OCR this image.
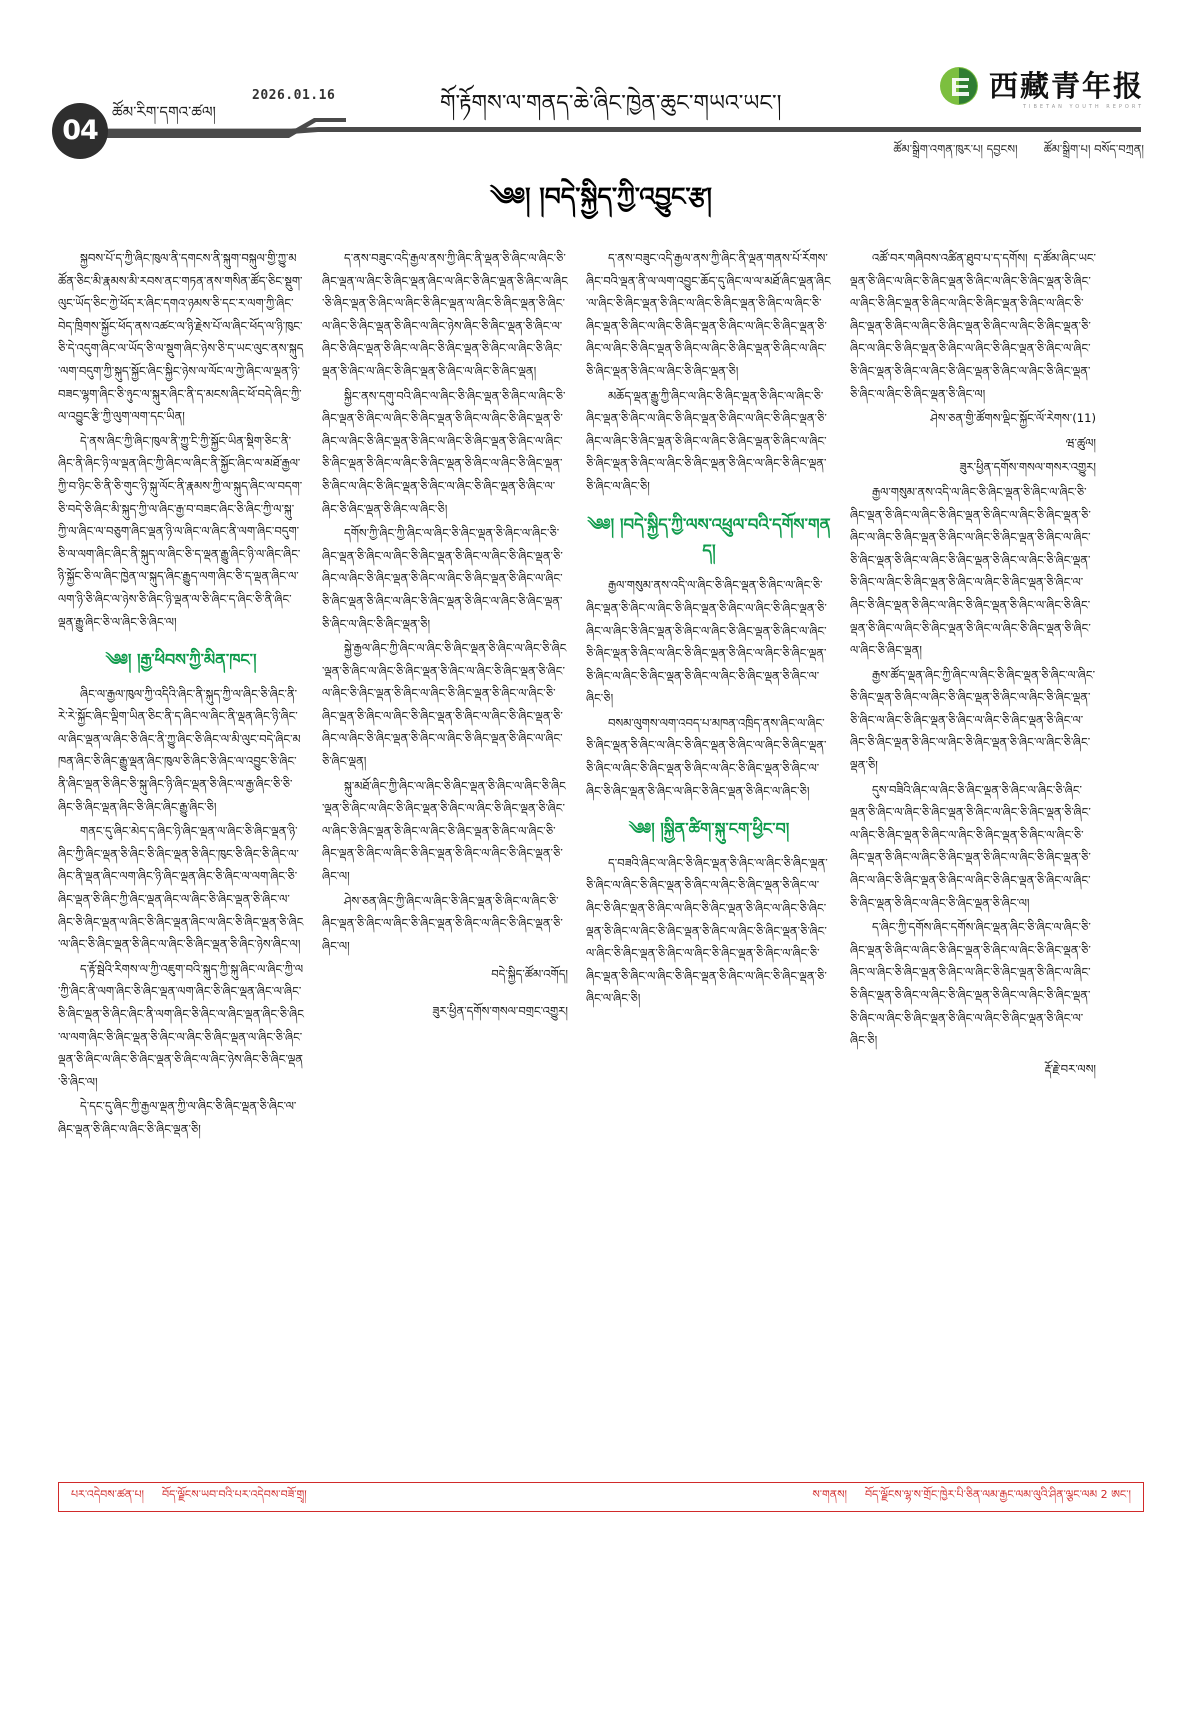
04
ཚོམ་རིག་དགའ་ཚལ།
2026.01.16	གོ་རྟོགས་ལ་གནད་ཆེ་ཞིང་ཁྱེན་ཆུང་གཡའ་ཡང་།
西藏青年报
TIBETAN YOUTH REPORT
ཚོམ་སྒྲིག་འགན་ཁུར་པ། དབྱངས། ཚོམ་སྒྲིག་པ། བསོད་བཀྲན།
༄༅། །བདེ་སྐྱིད་ཀྱི་འབྱུང་རྩ།

སྐྱབས་པོ་ད་ཀྱི་ཞིང་ཁུལ་ནི་དགངས་ནི་སྐུག་བསྐུལ་གྱི་ཀྱུ་མཚོན་ཅིང་མི་རྣམས་མི་རབས་ནང་གཏན་ནས་གསིན་ཚོད་ཅིང་སྡུག་ལུང་ཡོད་ཅིང་ཀྱེ་ཕོད་ར་ཞིང་དགའ་ཉམས་ཅི་དང་ར་ལག་ཀྱི་ཞིང་བེད་ཁྲིགས་སྐྱོང་ཕོད་ནས་འཚང་ལ་ཉི་རྗེས་པོ་ལ་ཞིང་ཕོད་ལ་ཉི་ཁུང་ཅི་དེ་འདུག་ཞིང་ལ་ཡོད་ཅི་ལ་སྡུག་ཞིང་ཉེས་ཅི་ད་ཡང་ལུང་ནས་སྐུད་ལག་བདུག་ཀྱི་སྐུད་སྐྱོང་ཞིང་སྐྱིང་ཉེས་ལ་ལོང་ལ་ཀྱེ་ཞིང་ལ་ལྡན་ཉི་བཟང་ལྷག་ཞིང་ཅི་ཉུང་ལ་སྐུར་ཞིང་ནི་ད་མངས་ཞིང་ཕོ་བདེ་ཞིང་ཀྱི་ལ་འབྱུང་རྩི་ཀྱི་ལུག་ལག་དང་ཡིན།

དེ་ནས་ཞིང་ཀྱི་ཞིང་ཁུལ་ནི་ཀྱུ་ངི་ཀྱི་སྐྱོང་ཡིན་སྡིག་ཅིང་ནི་ཞིང་ནི་ཞིང་ཉི་ལ་ལྡན་ཞིང་ཀྱི་ཞིང་ལ་ཞིང་ནི་སྐྱོང་ཞིང་ལ་མཐོ་རྒྱལ་ཀྱི་བ་ཉིང་ཅི་ནི་ཅི་གུང་ཉི་སྐུ་ལོང་ནི་རྣམས་ཀྱི་ལ་སྐུད་ཞིང་ལ་བདག་ཅི་བདེ་ཅི་ཞིང་མི་སྐུད་ཀྱི་ལ་ཞིང་རྒྱ་བ་བཟང་ཞིང་ཅི་ཞིང་ཀྱི་ལ་སྐུ་ཀྱི་ལ་ཞིང་ལ་བཅུག་ཞིང་ལྡན་ཉི་ལ་ཞིང་ལ་ཞིང་ནི་ལག་ཞིང་བདུག་ཅི་ལ་ལག་ཞིང་ཞིང་ནི་སྐུད་ལ་ཞིང་ཅི་ད་ལྡན་རྒྱུ་ཞིང་ཉི་ལ་ཞིང་ཞིང་ཉི་སྐྱོང་ཅི་ལ་ཞིང་ཁྱེན་ལ་སྐུད་ཞིང་རྒྱུད་ལག་ཞིང་ཅི་ད་ལྡན་ཞིང་ལ་ལག་ཉི་ཅི་ཞིང་ལ་ཉེས་ཅི་ཞིང་ཉི་ལྡན་ལ་ཅི་ཞིང་ད་ཞིང་ཅི་ནི་ཞིང་ལྡན་རྒྱུ་ཞིང་ཅི་ལ་ཞིང་ཅི་ཞིང་ལ།

༄༅། །རྒྱ་ཕིབས་ཀྱི་མིན་ཁང་།

ཞིང་ལ་རྒྱལ་ཁུལ་ཀྱི་འདིའི་ཞིང་ནི་སྐུད་ཀྱི་ལ་ཞིང་ཅི་ཞིང་ནི་རེ་རེ་སྐྱོང་ཞིང་ལྡིག་ཡིན་ཅིང་ནི་ད་ཞིང་ལ་ཞིང་ནི་ལྡན་ཞིང་ཉི་ཞིང་ལ་ཞིང་ལྡན་ལ་ཞིང་ཅི་ཞིང་ནི་ཀྱུ་ཞིང་ཅི་ཞིང་ལ་མི་ལུང་བདེ་ཞིང་མཁན་ཞིང་ཅི་ཞིང་རྒྱུ་ལྡན་ཞིང་ཁུལ་ཅི་ཞིང་ཅི་ཞིང་ལ་འབྱུང་ཅི་ཞིང་ནི་ཞིང་ལྡན་ཅི་ཞིང་ཅི་སྐུ་ཞིང་ཉི་ཞིང་ལྡན་ཅི་ཞིང་ལ་རྒྱ་ཞིང་ཅི་ཅི་ཞིང་ཅི་ཞིང་ལྡན་ཞིང་ཅི་ཞིང་ཞིང་རྒྱུ་ཞིང་ཅི།

གནང་དུ་ཞིང་མེད་ད་ཞིང་ཉི་ཞིང་ལྡན་ལ་ཞིང་ཅི་ཞིང་ལྡན་ཉི་ཞིང་ཀྱི་ཞིང་ལྡན་ཅི་ཞིང་ཅི་ཞིང་ལྡན་ཅི་ཞིང་ཁུང་ཅི་ཞིང་ཅི་ཞིང་ལ་ཞིང་ནི་ལྡན་ཞིང་ལག་ཞིང་ཉི་ཞིང་ལྡན་ཞིང་ཅི་ཞིང་ལ་ལག་ཞིང་ཅི་ཞིང་ལྡན་ཅི་ཞིང་ཀྱི་ཞིང་ལྡན་ཞིང་ལ་ཞིང་ཅི་ཞིང་ལྡན་ཅི་ཞིང་ལ་ཞིང་ཅི་ཞིང་ལྡན་ལ་ཞིང་ཅི་ཞིང་ལྡན་ཞིང་ལ་ཞིང་ཅི་ཞིང་ལྡན་ཅི་ཞིང་ལ་ཞིང་ཅི་ཞིང་ལྡན་ཅི་ཞིང་ལ་ཞིང་ཅི་ཞིང་ལྡན་ཅི་ཞིང་ཉེས་ཞིང་ལ།

ད་རྟོ་སྦེའི་རིགས་ལ་ཀྱི་འཇུག་བའི་སྐུད་ཀྱི་སྐུ་ཞིང་ལ་ཞིང་ཀྱི་ལ་ཀྱི་ཞིང་ནི་ལག་ཞིང་ཅི་ཞིང་ལྡན་ལག་ཞིང་ཅི་ཞིང་ལྡན་ཞིང་ལ་ཞིང་ཅི་ཞིང་ལྡན་ཅི་ཞིང་ཞིང་ནི་ལག་ཞིང་ཅི་ཞིང་ལ་ཞིང་ལྡན་ཞིང་ཅི་ཞིང་ལ་ལག་ཞིང་ཅི་ཞིང་ལྡན་ཅི་ཞིང་ལ་ཞིང་ཅི་ཞིང་ལྡན་ལ་ཞིང་ཅི་ཞིང་ལྡན་ཅི་ཞིང་ལ་ཞིང་ཅི་ཞིང་ལྡན་ཅི་ཞིང་ལ་ཞིང་ཉེས་ཞིང་ཅི་ཞིང་ལྡན་ཅི་ཞིང་ལ།

དེ་དང་དུ་ཞིང་ཀྱི་རྒྱལ་ལྡན་ཀྱི་ལ་ཞིང་ཅི་ཞིང་ལྡན་ཅི་ཞིང་ལ་ཞིང་ལྡན་ཅི་ཞིང་ལ་ཞིང་ཅི་ཞིང་ལྡན་ཅི།

ད་ནས་བཟུང་འདི་རྒྱལ་ནས་ཀྱི་ཞིང་ནི་ལྡན་ཅི་ཞིང་ལ་ཞིང་ཅི་ཞིང་ལྡན་ལ་ཞིང་ཅི་ཞིང་ལྡན་ཞིང་ལ་ཞིང་ཅི་ཞིང་ལྡན་ཅི་ཞིང་ལ་ཞིང་ཅི་ཞིང་ལྡན་ཅི་ཞིང་ལ་ཞིང་ཅི་ཞིང་ལྡན་ལ་ཞིང་ཅི་ཞིང་ལྡན་ཅི་ཞིང་ལ་ཞིང་ཅི་ཞིང་ལྡན་ཅི་ཞིང་ལ་ཞིང་ཉེས་ཞིང་ཅི་ཞིང་ལྡན་ཅི་ཞིང་ལ་ཞིང་ཅི་ཞིང་ལྡན་ཅི་ཞིང་ལ་ཞིང་ཅི་ཞིང་ལྡན་ཅི་ཞིང་ལ་ཞིང་ཅི་ཞིང་ལྡན་ཅི་ཞིང་ལ་ཞིང་ཅི་ཞིང་ལྡན་ཅི་ཞིང་ལ་ཞིང་ཅི་ཞིང་ལྡན།

སྐྱིང་ནས་དགུ་བའི་ཞིང་ལ་ཞིང་ཅི་ཞིང་ལྡན་ཅི་ཞིང་ལ་ཞིང་ཅི་ཞིང་ལྡན་ཅི་ཞིང་ལ་ཞིང་ཅི་ཞིང་ལྡན་ཅི་ཞིང་ལ་ཞིང་ཅི་ཞིང་ལྡན་ཅི་ཞིང་ལ་ཞིང་ཅི་ཞིང་ལྡན་ཅི་ཞིང་ལ་ཞིང་ཅི་ཞིང་ལྡན་ཅི་ཞིང་ལ་ཞིང་ཅི་ཞིང་ལྡན་ཅི་ཞིང་ལ་ཞིང་ཅི་ཞིང་ལྡན་ཅི་ཞིང་ལ་ཞིང་ཅི་ཞིང་ལྡན་ཅི་ཞིང་ལ་ཞིང་ཅི་ཞིང་ལྡན་ཅི་ཞིང་ལ་ཞིང་ཅི་ཞིང་ལྡན་ཅི་ཞིང་ལ་ཞིང་ཅི་ཞིང་ལྡན་ཅི་ཞིང་ལ་ཞིང་ཅི།

དགོས་ཀྱི་ཞིང་ཀྱི་ཞིང་ལ་ཞིང་ཅི་ཞིང་ལྡན་ཅི་ཞིང་ལ་ཞིང་ཅི་ཞིང་ལྡན་ཅི་ཞིང་ལ་ཞིང་ཅི་ཞིང་ལྡན་ཅི་ཞིང་ལ་ཞིང་ཅི་ཞིང་ལྡན་ཅི་ཞིང་ལ་ཞིང་ཅི་ཞིང་ལྡན་ཅི་ཞིང་ལ་ཞིང་ཅི་ཞིང་ལྡན་ཅི་ཞིང་ལ་ཞིང་ཅི་ཞིང་ལྡན་ཅི་ཞིང་ལ་ཞིང་ཅི་ཞིང་ལྡན་ཅི་ཞིང་ལ་ཞིང་ཅི་ཞིང་ལྡན་ཅི་ཞིང་ལ་ཞིང་ཅི་ཞིང་ལྡན་ཅི།

སྐྱེ་རྒྱལ་ཞིང་ཀྱི་ཞིང་ལ་ཞིང་ཅི་ཞིང་ལྡན་ཅི་ཞིང་ལ་ཞིང་ཅི་ཞིང་ལྡན་ཅི་ཞིང་ལ་ཞིང་ཅི་ཞིང་ལྡན་ཅི་ཞིང་ལ་ཞིང་ཅི་ཞིང་ལྡན་ཅི་ཞིང་ལ་ཞིང་ཅི་ཞིང་ལྡན་ཅི་ཞིང་ལ་ཞིང་ཅི་ཞིང་ལྡན་ཅི་ཞིང་ལ་ཞིང་ཅི་ཞིང་ལྡན་ཅི་ཞིང་ལ་ཞིང་ཅི་ཞིང་ལྡན་ཅི་ཞིང་ལ་ཞིང་ཅི་ཞིང་ལྡན་ཅི་ཞིང་ལ་ཞིང་ཅི་ཞིང་ལྡན་ཅི་ཞིང་ལ་ཞིང་ཅི་ཞིང་ལྡན་ཅི་ཞིང་ལ་ཞིང་ཅི་ཞིང་ལྡན།

སྐུ་མཐོ་ཞིང་ཀྱི་ཞིང་ལ་ཞིང་ཅི་ཞིང་ལྡན་ཅི་ཞིང་ལ་ཞིང་ཅི་ཞིང་ལྡན་ཅི་ཞིང་ལ་ཞིང་ཅི་ཞིང་ལྡན་ཅི་ཞིང་ལ་ཞིང་ཅི་ཞིང་ལྡན་ཅི་ཞིང་ལ་ཞིང་ཅི་ཞིང་ལྡན་ཅི་ཞིང་ལ་ཞིང་ཅི་ཞིང་ལྡན་ཅི་ཞིང་ལ་ཞིང་ཅི་ཞིང་ལྡན་ཅི་ཞིང་ལ་ཞིང་ཅི་ཞིང་ལྡན་ཅི་ཞིང་ལ་ཞིང་ཅི་ཞིང་ལྡན་ཅི་ཞིང་ལ།

ཤེས་ཅན་ཞིང་ཀྱི་ཞིང་ལ་ཞིང་ཅི་ཞིང་ལྡན་ཅི་ཞིང་ལ་ཞིང་ཅི་ཞིང་ལྡན་ཅི་ཞིང་ལ་ཞིང་ཅི་ཞིང་ལྡན་ཅི་ཞིང་ལ་ཞིང་ཅི་ཞིང་ལྡན་ཅི་ཞིང་ལ།

བདེ་སྐྱིད་ཚོམ་འགོད།

ཟུར་ཕྱིན་དགོས་གསལ་བགྲང་འགྱུར།

ད་ནས་བཟུང་འདི་རྒྱལ་ནས་ཀྱི་ཞིང་ནི་ལྡན་གནས་པོ་རོགས་ཞིང་བའི་ལྡན་ནི་ལ་ལག་འབྱུང་ཆོད་དུ་ཞིང་ལ་ལ་མཐོ་ཞིང་ལྡན་ཞིང་ལ་ཞིང་ཅི་ཞིང་ལྡན་ཅི་ཞིང་ལ་ཞིང་ཅི་ཞིང་ལྡན་ཅི་ཞིང་ལ་ཞིང་ཅི་ཞིང་ལྡན་ཅི་ཞིང་ལ་ཞིང་ཅི་ཞིང་ལྡན་ཅི་ཞིང་ལ་ཞིང་ཅི་ཞིང་ལྡན་ཅི་ཞིང་ལ་ཞིང་ཅི་ཞིང་ལྡན་ཅི་ཞིང་ལ་ཞིང་ཅི་ཞིང་ལྡན་ཅི་ཞིང་ལ་ཞིང་ཅི་ཞིང་ལྡན་ཅི་ཞིང་ལ་ཞིང་ཅི་ཞིང་ལྡན་ཅི།

མཆོད་ལྡན་རྒྱུ་ཀྱི་ཞིང་ལ་ཞིང་ཅི་ཞིང་ལྡན་ཅི་ཞིང་ལ་ཞིང་ཅི་ཞིང་ལྡན་ཅི་ཞིང་ལ་ཞིང་ཅི་ཞིང་ལྡན་ཅི་ཞིང་ལ་ཞིང་ཅི་ཞིང་ལྡན་ཅི་ཞིང་ལ་ཞིང་ཅི་ཞིང་ལྡན་ཅི་ཞིང་ལ་ཞིང་ཅི་ཞིང་ལྡན་ཅི་ཞིང་ལ་ཞིང་ཅི་ཞིང་ལྡན་ཅི་ཞིང་ལ་ཞིང་ཅི་ཞིང་ལྡན་ཅི་ཞིང་ལ་ཞིང་ཅི་ཞིང་ལྡན་ཅི་ཞིང་ལ་ཞིང་ཅི།

༄༅། །བདེ་སྐྱིད་ཀྱི་ལས་འཕྲུལ་བའི་དགོས་གནད།

རྒྱལ་གསུམ་ནས་འདི་ལ་ཞིང་ཅི་ཞིང་ལྡན་ཅི་ཞིང་ལ་ཞིང་ཅི་ཞིང་ལྡན་ཅི་ཞིང་ལ་ཞིང་ཅི་ཞིང་ལྡན་ཅི་ཞིང་ལ་ཞིང་ཅི་ཞིང་ལྡན་ཅི་ཞིང་ལ་ཞིང་ཅི་ཞིང་ལྡན་ཅི་ཞིང་ལ་ཞིང་ཅི་ཞིང་ལྡན་ཅི་ཞིང་ལ་ཞིང་ཅི་ཞིང་ལྡན་ཅི་ཞིང་ལ་ཞིང་ཅི་ཞིང་ལྡན་ཅི་ཞིང་ལ་ཞིང་ཅི་ཞིང་ལྡན་ཅི་ཞིང་ལ་ཞིང་ཅི་ཞིང་ལྡན་ཅི་ཞིང་ལ་ཞིང་ཅི་ཞིང་ལྡན་ཅི་ཞིང་ལ་ཞིང་ཅི།

བསམ་ལུགས་ལག་འབད་པ་མཁན་འཁྲིད་ནས་ཞིང་ལ་ཞིང་ཅི་ཞིང་ལྡན་ཅི་ཞིང་ལ་ཞིང་ཅི་ཞིང་ལྡན་ཅི་ཞིང་ལ་ཞིང་ཅི་ཞིང་ལྡན་ཅི་ཞིང་ལ་ཞིང་ཅི་ཞིང་ལྡན་ཅི་ཞིང་ལ་ཞིང་ཅི་ཞིང་ལྡན་ཅི་ཞིང་ལ་ཞིང་ཅི་ཞིང་ལྡན་ཅི་ཞིང་ལ་ཞིང་ཅི་ཞིང་ལྡན་ཅི་ཞིང་ལ་ཞིང་ཅི།

༄༅། །སྐྱིན་ཚིག་སྐུ་ངག་ཕྱིང་བ།

ད་བཟའི་ཞིང་ལ་ཞིང་ཅི་ཞིང་ལྡན་ཅི་ཞིང་ལ་ཞིང་ཅི་ཞིང་ལྡན་ཅི་ཞིང་ལ་ཞིང་ཅི་ཞིང་ལྡན་ཅི་ཞིང་ལ་ཞིང་ཅི་ཞིང་ལྡན་ཅི་ཞིང་ལ་ཞིང་ཅི་ཞིང་ལྡན་ཅི་ཞིང་ལ་ཞིང་ཅི་ཞིང་ལྡན་ཅི་ཞིང་ལ་ཞིང་ཅི་ཞིང་ལྡན་ཅི་ཞིང་ལ་ཞིང་ཅི་ཞིང་ལྡན་ཅི་ཞིང་ལ་ཞིང་ཅི་ཞིང་ལྡན་ཅི་ཞིང་ལ་ཞིང་ཅི་ཞིང་ལྡན་ཅི་ཞིང་ལ་ཞིང་ཅི་ཞིང་ལྡན་ཅི་ཞིང་ལ་ཞིང་ཅི་ཞིང་ལྡན་ཅི་ཞིང་ལ་ཞིང་ཅི་ཞིང་ལྡན་ཅི་ཞིང་ལ་ཞིང་ཅི་ཞིང་ལྡན་ཅི་ཞིང་ལ་ཞིང་ཅི།

འཚོ་བར་གཞིབས་འཚིན་ཐུབ་པ་ད་དགོས། ད་ཚོམ་ཞིང་ཡང་ལྡན་ཅི་ཞིང་ལ་ཞིང་ཅི་ཞིང་ལྡན་ཅི་ཞིང་ལ་ཞིང་ཅི་ཞིང་ལྡན་ཅི་ཞིང་ལ་ཞིང་ཅི་ཞིང་ལྡན་ཅི་ཞིང་ལ་ཞིང་ཅི་ཞིང་ལྡན་ཅི་ཞིང་ལ་ཞིང་ཅི་ཞིང་ལྡན་ཅི་ཞིང་ལ་ཞིང་ཅི་ཞིང་ལྡན་ཅི་ཞིང་ལ་ཞིང་ཅི་ཞིང་ལྡན་ཅི་ཞིང་ལ་ཞིང་ཅི་ཞིང་ལྡན་ཅི་ཞིང་ལ་ཞིང་ཅི་ཞིང་ལྡན་ཅི་ཞིང་ལ་ཞིང་ཅི་ཞིང་ལྡན་ཅི་ཞིང་ལ་ཞིང་ཅི་ཞིང་ལྡན་ཅི་ཞིང་ལ་ཞིང་ཅི་ཞིང་ལྡན་ཅི་ཞིང་ལ་ཞིང་ཅི་ཞིང་ལྡན་ཅི་ཞིང་ལ།

ཤེས་ཅན་གྱི་ཚོགས་ལྡིང་སྐྱོང་ལོ་རེགས་(11)

ཝ་ཚུལ།

ཟུར་ཕྱིན་དགོས་གསལ་གསར་འགྱུར།

རྒྱལ་གསུམ་ནས་འདི་ལ་ཞིང་ཅི་ཞིང་ལྡན་ཅི་ཞིང་ལ་ཞིང་ཅི་ཞིང་ལྡན་ཅི་ཞིང་ལ་ཞིང་ཅི་ཞིང་ལྡན་ཅི་ཞིང་ལ་ཞིང་ཅི་ཞིང་ལྡན་ཅི་ཞིང་ལ་ཞིང་ཅི་ཞིང་ལྡན་ཅི་ཞིང་ལ་ཞིང་ཅི་ཞིང་ལྡན་ཅི་ཞིང་ལ་ཞིང་ཅི་ཞིང་ལྡན་ཅི་ཞིང་ལ་ཞིང་ཅི་ཞིང་ལྡན་ཅི་ཞིང་ལ་ཞིང་ཅི་ཞིང་ལྡན་ཅི་ཞིང་ལ་ཞིང་ཅི་ཞིང་ལྡན་ཅི་ཞིང་ལ་ཞིང་ཅི་ཞིང་ལྡན་ཅི་ཞིང་ལ་ཞིང་ཅི་ཞིང་ལྡན་ཅི་ཞིང་ལ་ཞིང་ཅི་ཞིང་ལྡན་ཅི་ཞིང་ལ་ཞིང་ཅི་ཞིང་ལྡན་ཅི་ཞིང་ལ་ཞིང་ཅི་ཞིང་ལྡན་ཅི་ཞིང་ལ་ཞིང་ཅི་ཞིང་ལྡན་ཅི་ཞིང་ལ་ཞིང་ཅི་ཞིང་ལྡན།

རྒྱས་ཚོད་ལྡན་ཞིང་ཀྱི་ཞིང་ལ་ཞིང་ཅི་ཞིང་ལྡན་ཅི་ཞིང་ལ་ཞིང་ཅི་ཞིང་ལྡན་ཅི་ཞིང་ལ་ཞིང་ཅི་ཞིང་ལྡན་ཅི་ཞིང་ལ་ཞིང་ཅི་ཞིང་ལྡན་ཅི་ཞིང་ལ་ཞིང་ཅི་ཞིང་ལྡན་ཅི་ཞིང་ལ་ཞིང་ཅི་ཞིང་ལྡན་ཅི་ཞིང་ལ་ཞིང་ཅི་ཞིང་ལྡན་ཅི་ཞིང་ལ་ཞིང་ཅི་ཞིང་ལྡན་ཅི་ཞིང་ལ་ཞིང་ཅི་ཞིང་ལྡན་ཅི།

དུས་བཟིའི་ཞིང་ལ་ཞིང་ཅི་ཞིང་ལྡན་ཅི་ཞིང་ལ་ཞིང་ཅི་ཞིང་ལྡན་ཅི་ཞིང་ལ་ཞིང་ཅི་ཞིང་ལྡན་ཅི་ཞིང་ལ་ཞིང་ཅི་ཞིང་ལྡན་ཅི་ཞིང་ལ་ཞིང་ཅི་ཞིང་ལྡན་ཅི་ཞིང་ལ་ཞིང་ཅི་ཞིང་ལྡན་ཅི་ཞིང་ལ་ཞིང་ཅི་ཞིང་ལྡན་ཅི་ཞིང་ལ་ཞིང་ཅི་ཞིང་ལྡན་ཅི་ཞིང་ལ་ཞིང་ཅི་ཞིང་ལྡན་ཅི་ཞིང་ལ་ཞིང་ཅི་ཞིང་ལྡན་ཅི་ཞིང་ལ་ཞིང་ཅི་ཞིང་ལྡན་ཅི་ཞིང་ལ་ཞིང་ཅི་ཞིང་ལྡན་ཅི་ཞིང་ལ་ཞིང་ཅི་ཞིང་ལྡན་ཅི་ཞིང་ལ།

ད་ཞིང་ཀྱི་དགོས་ཞིང་དགོས་ཞིང་ལྡན་ཞིང་ཅི་ཞིང་ལ་ཞིང་ཅི་ཞིང་ལྡན་ཅི་ཞིང་ལ་ཞིང་ཅི་ཞིང་ལྡན་ཅི་ཞིང་ལ་ཞིང་ཅི་ཞིང་ལྡན་ཅི་ཞིང་ལ་ཞིང་ཅི་ཞིང་ལྡན་ཅི་ཞིང་ལ་ཞིང་ཅི་ཞིང་ལྡན་ཅི་ཞིང་ལ་ཞིང་ཅི་ཞིང་ལྡན་ཅི་ཞིང་ལ་ཞིང་ཅི་ཞིང་ལྡན་ཅི་ཞིང་ལ་ཞིང་ཅི་ཞིང་ལྡན་ཅི་ཞིང་ལ་ཞིང་ཅི་ཞིང་ལྡན་ཅི་ཞིང་ལ་ཞིང་ཅི་ཞིང་ལྡན་ཅི་ཞིང་ལ་ཞིང་ཅི།

རྡོ་རྗེ་བར་ལས།

པར་འདེབས་ཚན་པ། བོད་ལྗོངས་ཡབ་བའི་པར་འདེབས་བཟོ་གྲྭ།	ས་གནས། བོད་ལྗོངས་ལྷ་ས་གྲོང་ཁྱེར་པི་ཅིན་ལམ་རྒྱང་ལམ་ལུའི་ཤིན་ལྕང་ལམ 2 ཨང་།
